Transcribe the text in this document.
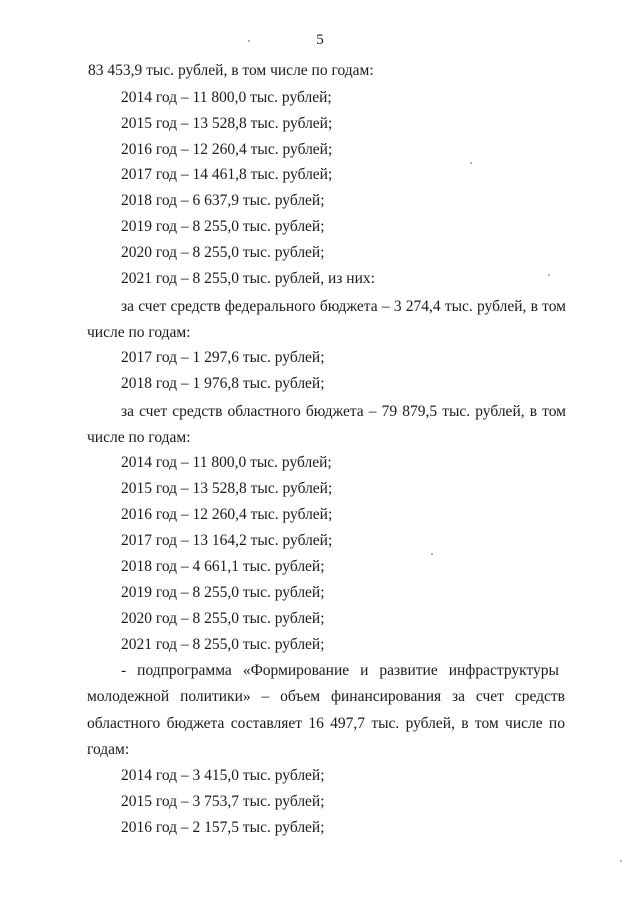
5
83 453,9 тыс. рублей, в том числе по годам:
2014 год – 11 800,0 тыс. рублей;
2015 год – 13 528,8 тыс. рублей;
2016 год – 12 260,4 тыс. рублей;
2017 год – 14 461,8 тыс. рублей;
2018 год – 6 637,9 тыс. рублей;
2019 год – 8 255,0 тыс. рублей;
2020 год – 8 255,0 тыс. рублей;
2021 год – 8 255,0 тыс. рублей, из них:
за счет средств федерального бюджета – 3 274,4 тыс. рублей, в том
числе по годам:
2017 год – 1 297,6 тыс. рублей;
2018 год – 1 976,8 тыс. рублей;
за счет средств областного бюджета – 79 879,5 тыс. рублей, в том
числе по годам:
2014 год – 11 800,0 тыс. рублей;
2015 год – 13 528,8 тыс. рублей;
2016 год – 12 260,4 тыс. рублей;
2017 год – 13 164,2 тыс. рублей;
2018 год – 4 661,1 тыс. рублей;
2019 год – 8 255,0 тыс. рублей;
2020 год – 8 255,0 тыс. рублей;
2021 год – 8 255,0 тыс. рублей;
- подпрограмма «Формирование и развитие инфраструктуры
молодежной политики» – объем финансирования за счет средств
областного бюджета составляет 16 497,7 тыс. рублей, в том числе по
годам:
2014 год – 3 415,0 тыс. рублей;
2015 год – 3 753,7 тыс. рублей;
2016 год – 2 157,5 тыс. рублей;
